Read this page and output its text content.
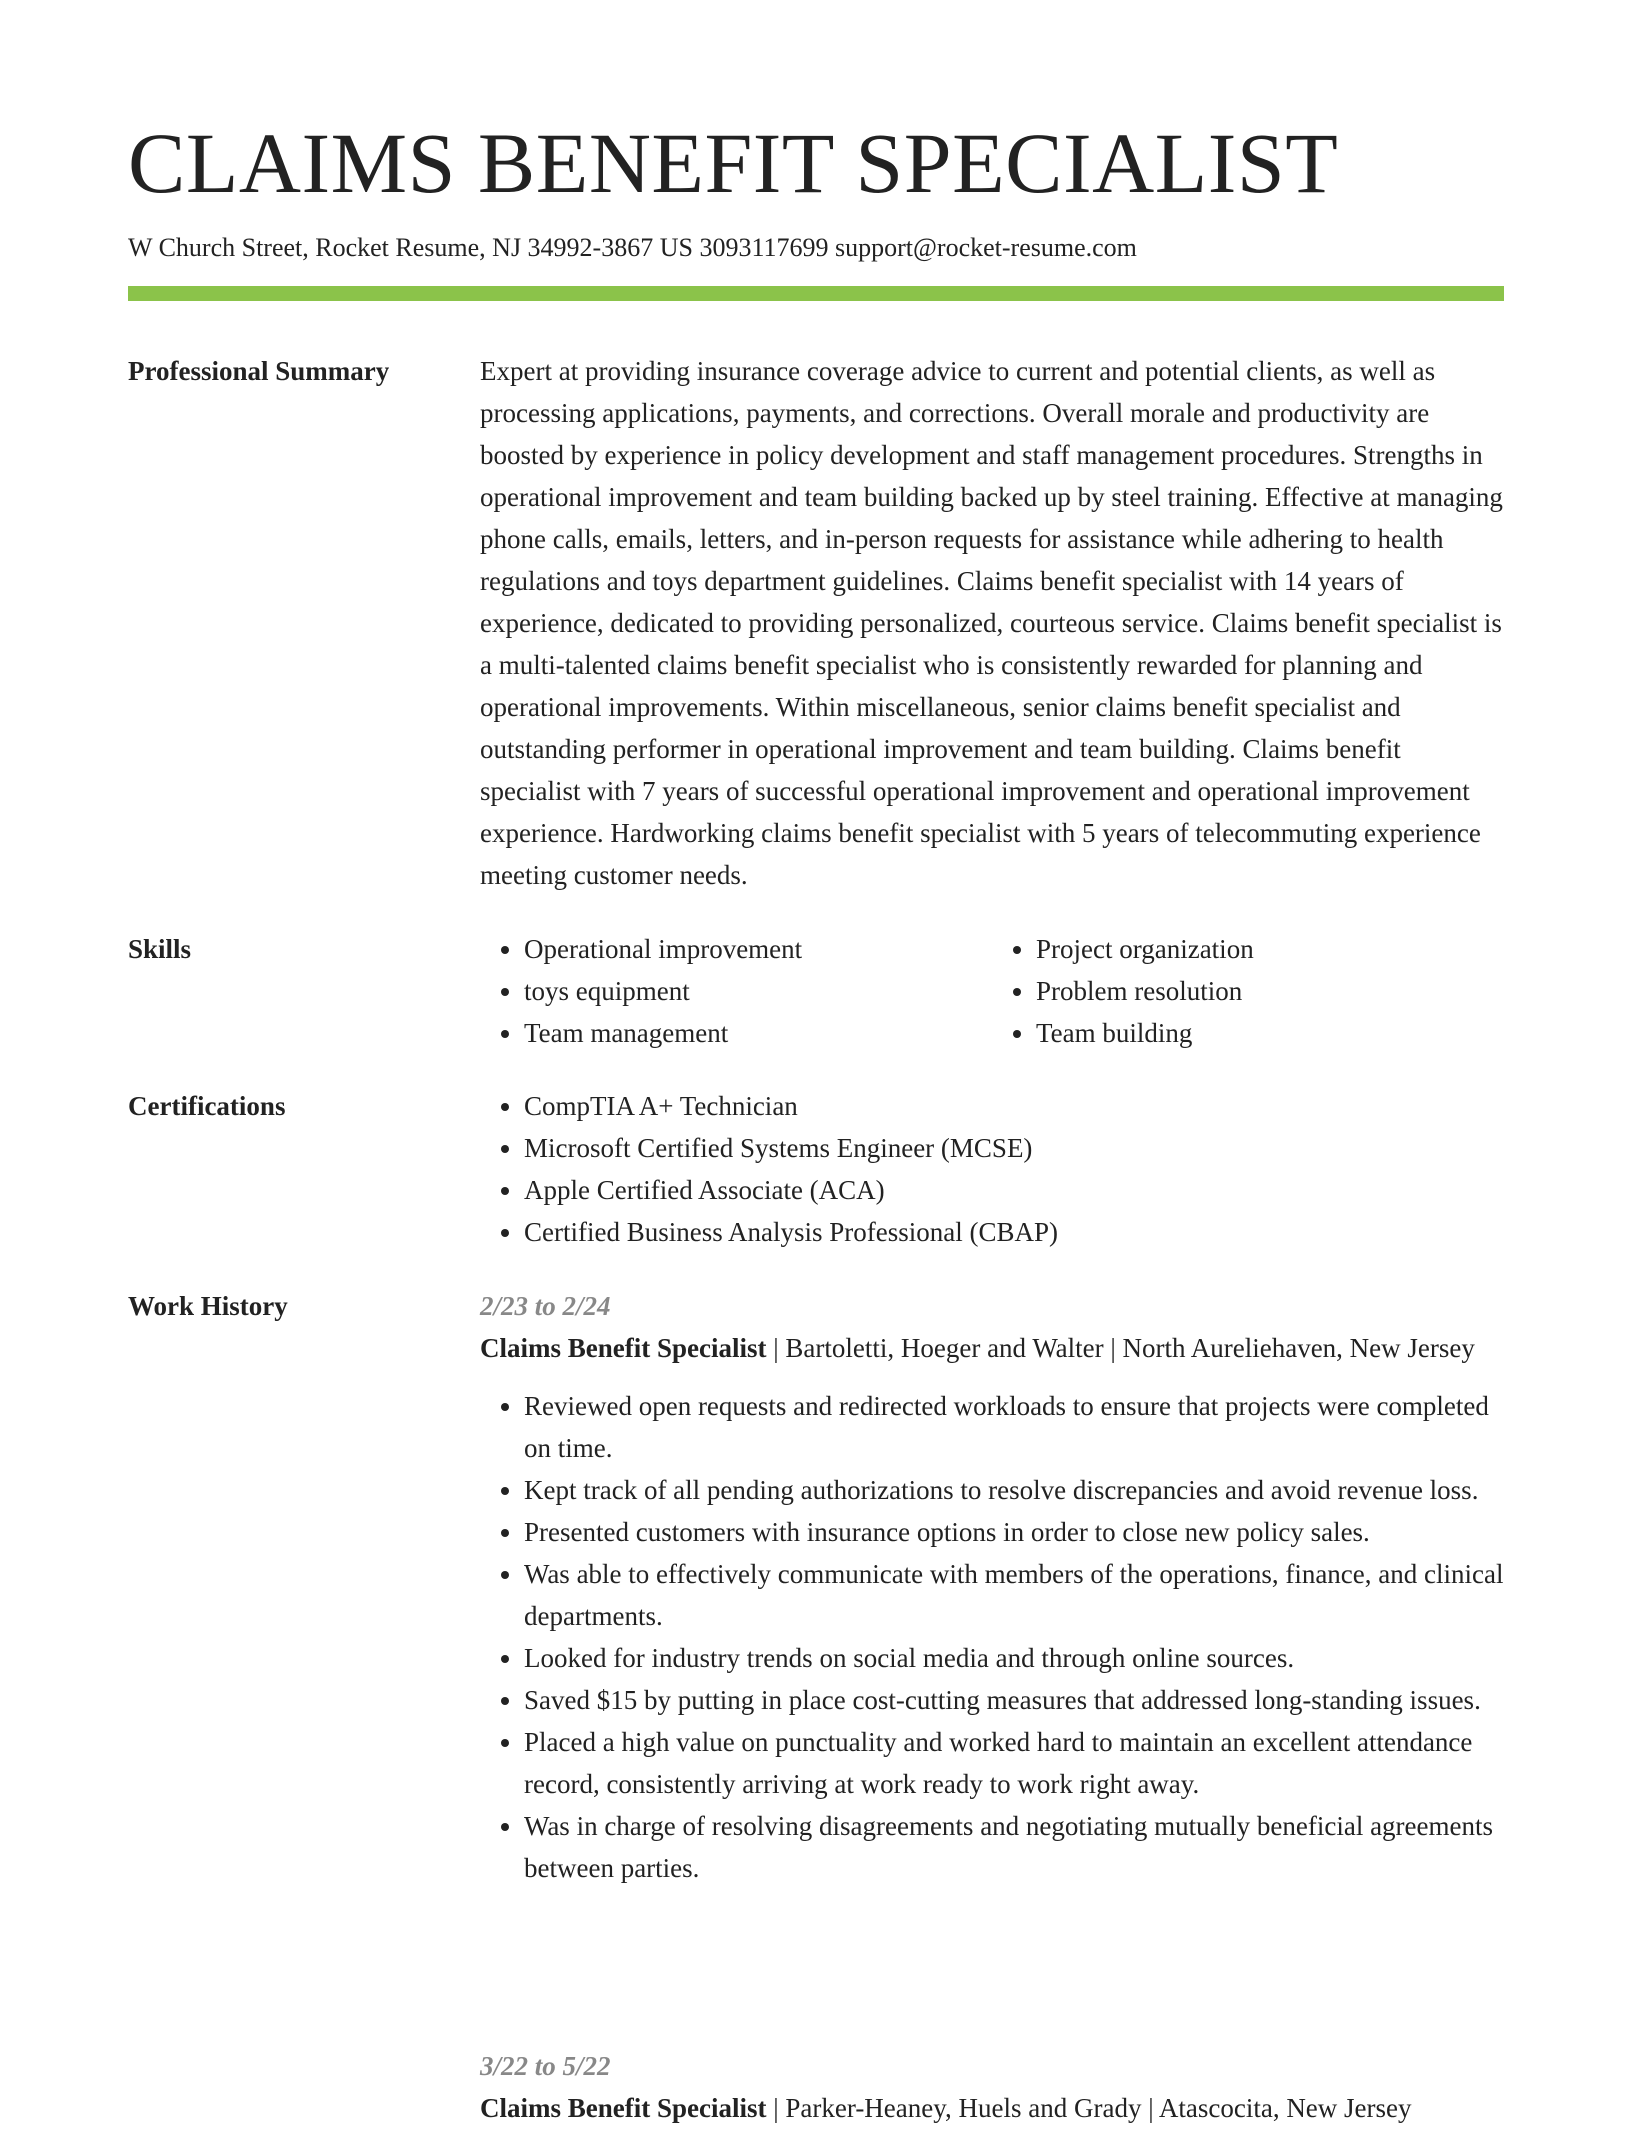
CLAIMS BENEFIT SPECIALIST
W Church Street, Rocket Resume, NJ 34992-3867 US 3093117699 support@rocket-resume.com
Professional Summary	Expert at providing insurance coverage advice to current and potential clients, as well as processing applications, payments, and corrections. Overall morale and productivity are boosted by experience in policy development and staff management procedures. Strengths in operational improvement and team building backed up by steel training. Effective at managing phone calls, emails, letters, and in-person requests for assistance while adhering to health regulations and toys department guidelines. Claims benefit specialist with 14 years of experience, dedicated to providing personalized, courteous service. Claims benefit specialist is a multi-talented claims benefit specialist who is consistently rewarded for planning and operational improvements. Within miscellaneous, senior claims benefit specialist and outstanding performer in operational improvement and team building. Claims benefit specialist with 7 years of successful operational improvement and operational improvement experience. Hardworking claims benefit specialist with 5 years of telecommuting experience meeting customer needs.

Skills	• Operational improvement
• toys equipment
• Team management
• Project organization
• Problem resolution
• Team building
Certifications	• CompTIA A+ Technician
• Microsoft Certified Systems Engineer (MCSE)
• Apple Certified Associate (ACA)
• Certified Business Analysis Professional (CBAP)
Work History	2/23 to 2/24
Claims Benefit Specialist | Bartoletti, Hoeger and Walter | North Aureliehaven, New Jersey
• Reviewed open requests and redirected workloads to ensure that projects were completed on time.
• Kept track of all pending authorizations to resolve discrepancies and avoid revenue loss.
• Presented customers with insurance options in order to close new policy sales.
• Was able to effectively communicate with members of the operations, finance, and clinical departments.
• Looked for industry trends on social media and through online sources.
• Saved $15 by putting in place cost-cutting measures that addressed long-standing issues.
• Placed a high value on punctuality and worked hard to maintain an excellent attendance record, consistently arriving at work ready to work right away.
• Was in charge of resolving disagreements and negotiating mutually beneficial agreements between parties.
3/22 to 5/22
Claims Benefit Specialist | Parker-Heaney, Huels and Grady | Atascocita, New Jersey
